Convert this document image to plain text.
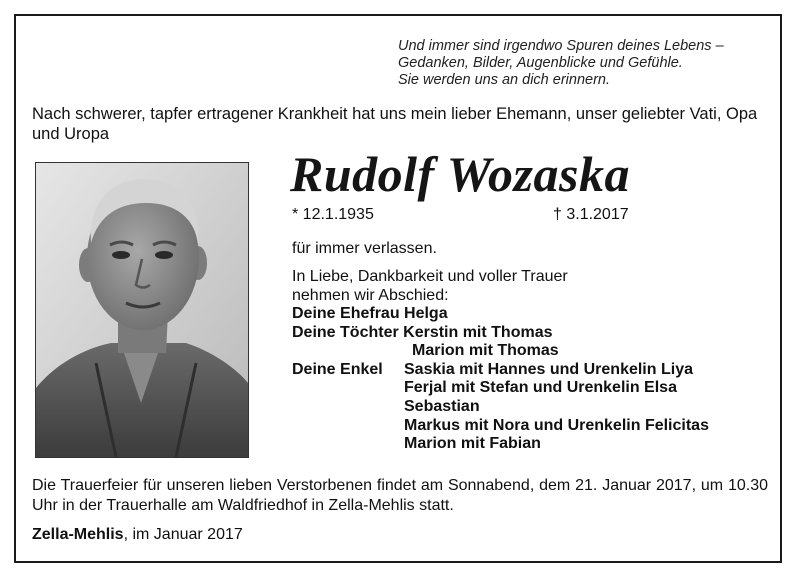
Und immer sind irgendwo Spuren deines Lebens –
Gedanken, Bilder, Augenblicke und Gefühle.
Sie werden uns an dich erinnern.
Nach schwerer, tapfer ertragener Krankheit hat uns mein lieber Ehemann, unser geliebter Vati, Opa und Uropa
Rudolf Wozaska
* 12.1.1935	† 3.1.2017
für immer verlassen.
In Liebe, Dankbarkeit und voller Trauer
nehmen wir Abschied:
Deine Ehefrau Helga
Deine Töchter Kerstin mit Thomas
Marion mit Thomas
Deine Enkel Saskia mit Hannes und Urenkelin Liya
Ferjal mit Stefan und Urenkelin Elsa
Sebastian
Markus mit Nora und Urenkelin Felicitas
Marion mit Fabian
Die Trauerfeier für unseren lieben Verstorbenen findet am Sonnabend, dem 21. Januar 2017, um 10.30 Uhr in der Trauerhalle am Waldfriedhof in Zella-Mehlis statt.
Zella-Mehlis, im Januar 2017
